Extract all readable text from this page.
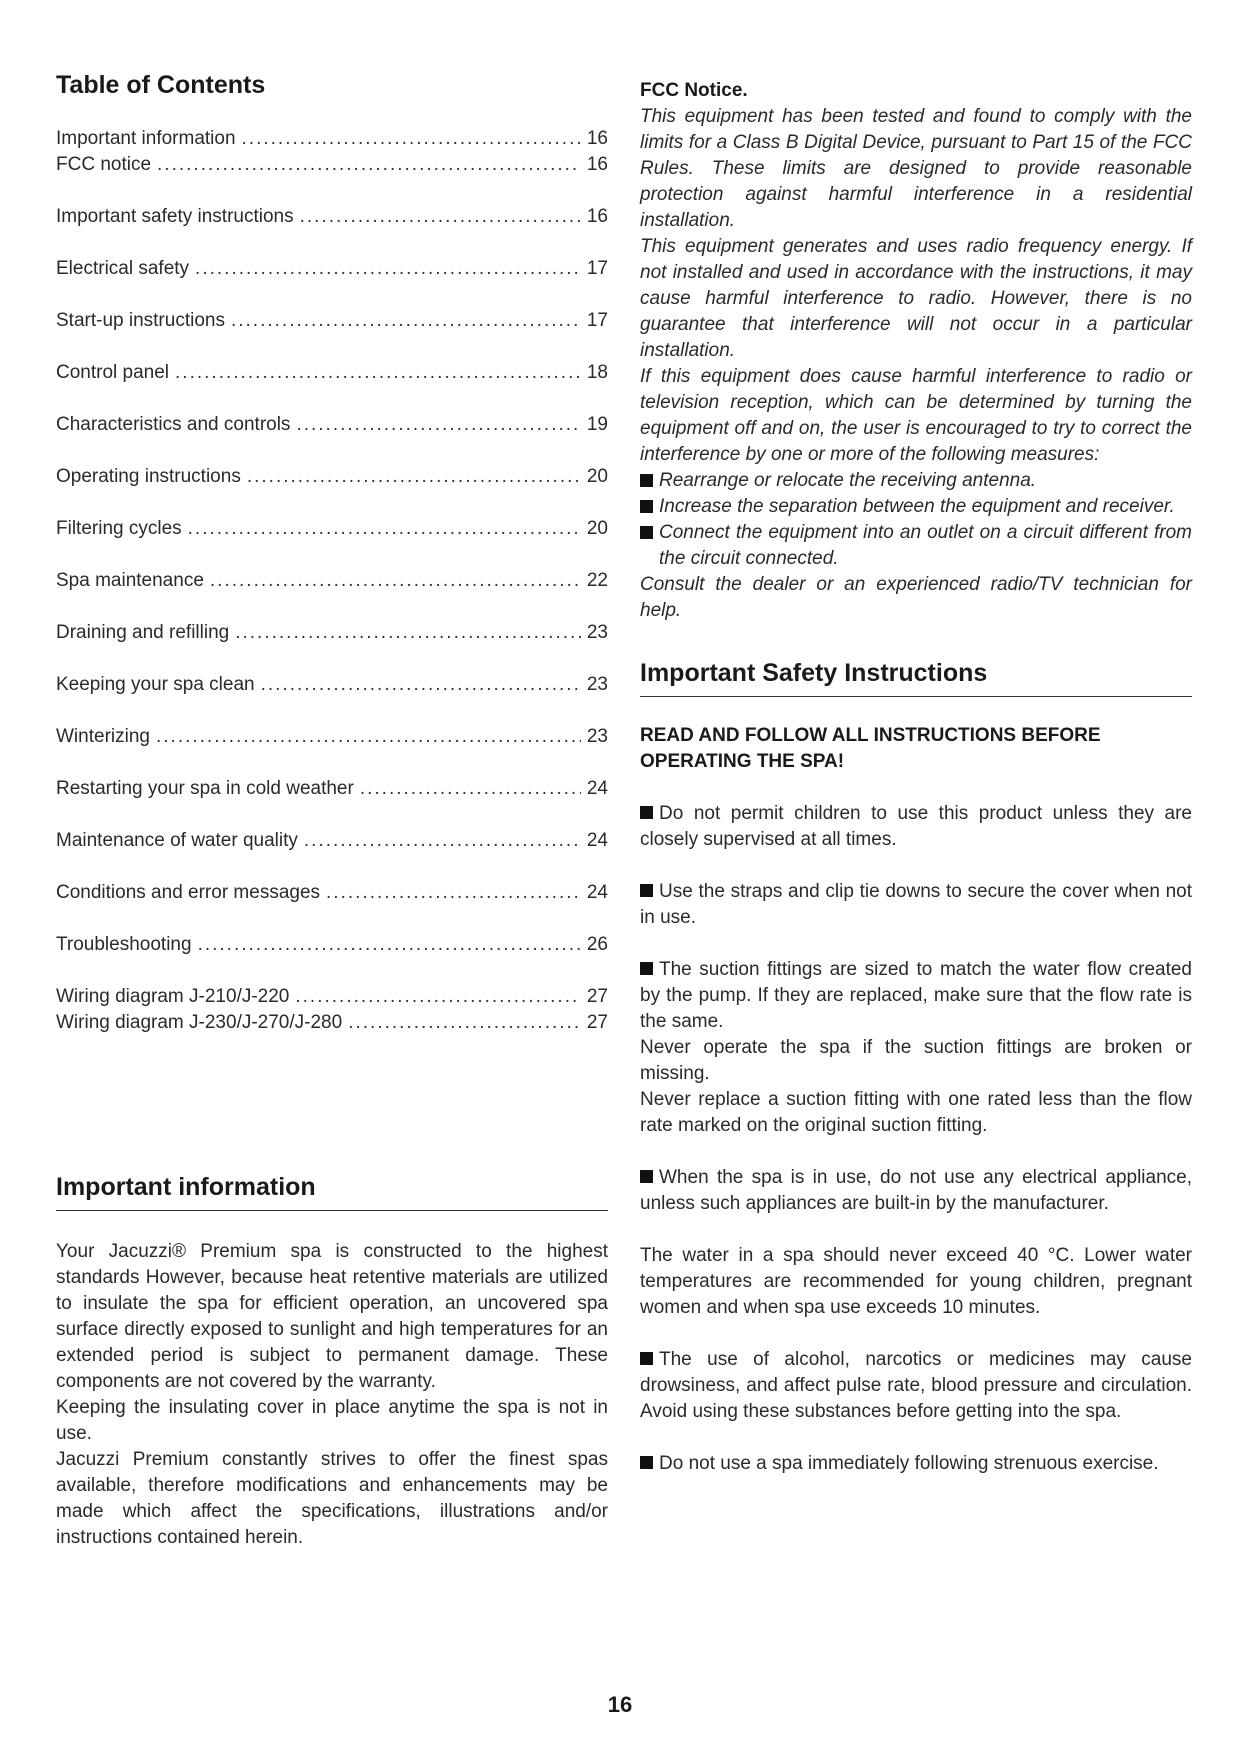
Table of Contents
Important information .....	16
FCC notice .....	16
Important safety instructions .....	16
Electrical safety .....	17
Start-up instructions .....	17
Control panel .....	18
Characteristics and controls .....	19
Operating instructions .....	20
Filtering cycles .....	20
Spa maintenance .....	22
Draining and refilling .....	23
Keeping your spa clean .....	23
Winterizing .....	23
Restarting your spa in cold weather .....	24
Maintenance of water quality .....	24
Conditions and error messages .....	24
Troubleshooting .....	26
Wiring diagram J-210/J-220 .....	27
Wiring diagram J-230/J-270/J-280 .....	27
Important information

Your Jacuzzi® Premium spa is constructed to the highest standards However, because heat retentive materials are utilized to insulate the spa for efficient operation, an uncovered spa surface directly exposed to sunlight and high temperatures for an extended period is subject to permanent damage. These components are not covered by the warranty.

Keeping the insulating cover in place anytime the spa is not in use.

Jacuzzi Premium constantly strives to offer the finest spas available, therefore modifications and enhancements may be made which affect the specifications, illustrations and/or instructions contained herein.

FCC Notice.

This equipment has been tested and found to comply with the limits for a Class B Digital Device, pursuant to Part 15 of the FCC Rules. These limits are designed to provide reasonable protection against harmful interference in a residential installation.

This equipment generates and uses radio frequency energy. If not installed and used in accordance with the instructions, it may cause harmful interference to radio. However, there is no guarantee that interference will not occur in a particular installation.

If this equipment does cause harmful interference to radio or television reception, which can be determined by turning the equipment off and on, the user is encouraged to try to correct the interference by one or more of the following measures:

Rearrange or relocate the receiving antenna.
Increase the separation between the equipment and receiver.
Connect the equipment into an outlet on a circuit different from the circuit connected.

Consult the dealer or an experienced radio/TV technician for help.

Important Safety Instructions

READ AND FOLLOW ALL INSTRUCTIONS BEFORE OPERATING THE SPA!

Do not permit children to use this product unless they are closely supervised at all times.

Use the straps and clip tie downs to secure the cover when not in use.

The suction fittings are sized to match the water flow created by the pump. If they are replaced, make sure that the flow rate is the same.

Never operate the spa if the suction fittings are broken or missing.

Never replace a suction fitting with one rated less than the flow rate marked on the original suction fitting.

When the spa is in use, do not use any electrical appliance, unless such appliances are built-in by the manufacturer.

The water in a spa should never exceed 40 °C. Lower water temperatures are recommended for young children, pregnant women and when spa use exceeds 10 minutes.

The use of alcohol, narcotics or medicines may cause drowsiness, and affect pulse rate, blood pressure and circulation. Avoid using these substances before getting into the spa.

Do not use a spa immediately following strenuous exercise.

16
